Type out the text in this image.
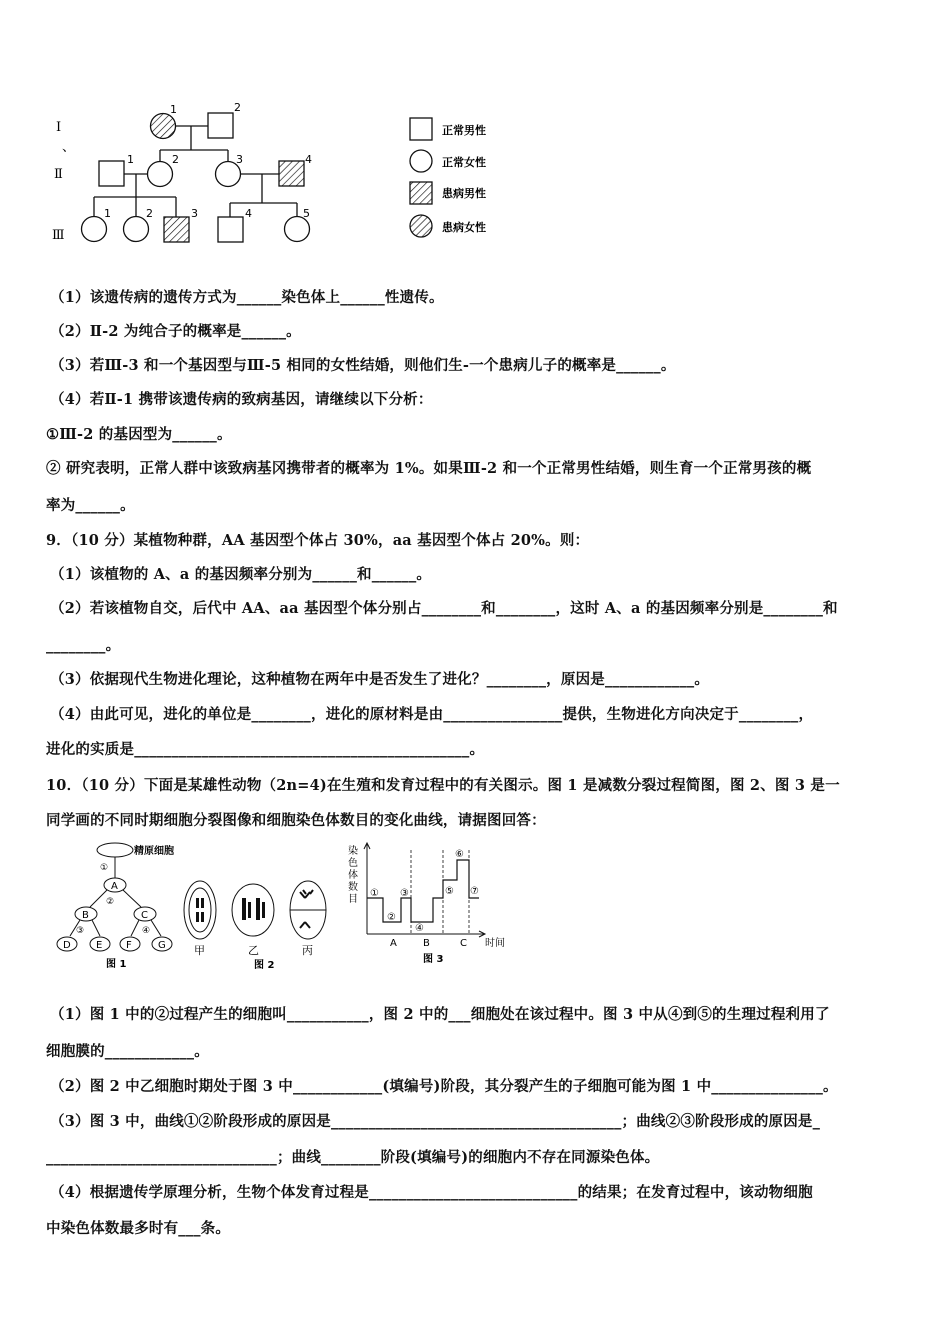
I
、
Ⅱ
Ⅲ
1	2
1	2	3	4
1	2	3	4	5
正常男性
正常女性
患病男性
患病女性
（1）该遗传病的遗传方式为______染色体上______性遗传。
（2）Ⅱ-2 为纯合子的概率是______。
（3）若Ⅲ-3 和一个基因型与Ⅲ-5 相同的女性结婚，则他们生-一个患病儿子的概率是______。
（4）若Ⅱ-1 携带该遗传病的致病基因，请继续以下分析：
①Ⅲ-2 的基因型为______。
② 研究表明，正常人群中该致病基冈携带者的概率为 1%。如果Ⅲ-2 和一个正常男性结婚，则生育一个正常男孩的概
率为______。
9．（10 分）某植物种群，AA 基因型个体占 30%，aa 基因型个体占 20%。则：
（1）该植物的 A、a 的基因频率分别为______和______。
（2）若该植物自交，后代中 AA、aa 基因型个体分别占________和________，这时 A、a 的基因频率分别是________和
________。
（3）依据现代生物进化理论，这种植物在两年中是否发生了进化？________，原因是____________。
（4）由此可见，进化的单位是________，进化的原材料是由________________提供，生物进化方向决定于________，
进化的实质是_____________________________________________。
10．（10 分）下面是某雄性动物（2n=4)在生殖和发育过程中的有关图示。图 1 是减数分裂过程简图，图 2、图 3 是一
同学画的不同时期细胞分裂图像和细胞染色体数目的变化曲线，请据图回答：
精原细胞
A
B	C
D	E F	G
①
②
③	④
图 1
甲	乙	丙
图 2
染
色
体
数
目
①
②
③
④
⑤
⑥
⑦
A	B	C 时间
图 3
（1）图 1 中的②过程产生的细胞叫___________，图 2 中的___细胞处在该过程中。图 3 中从④到⑤的生理过程利用了
细胞膜的____________。
（2）图 2 中乙细胞时期处于图 3 中____________(填编号)阶段，其分裂产生的子细胞可能为图 1 中_______________。
（3）图 3 中，曲线①②阶段形成的原因是_______________________________________；曲线②③阶段形成的原因是_
_______________________________；曲线________阶段(填编号)的细胞内不存在同源染色体。
（4）根据遗传学原理分析，生物个体发育过程是____________________________的结果；在发育过程中，该动物细胞
中染色体数最多时有___条。
